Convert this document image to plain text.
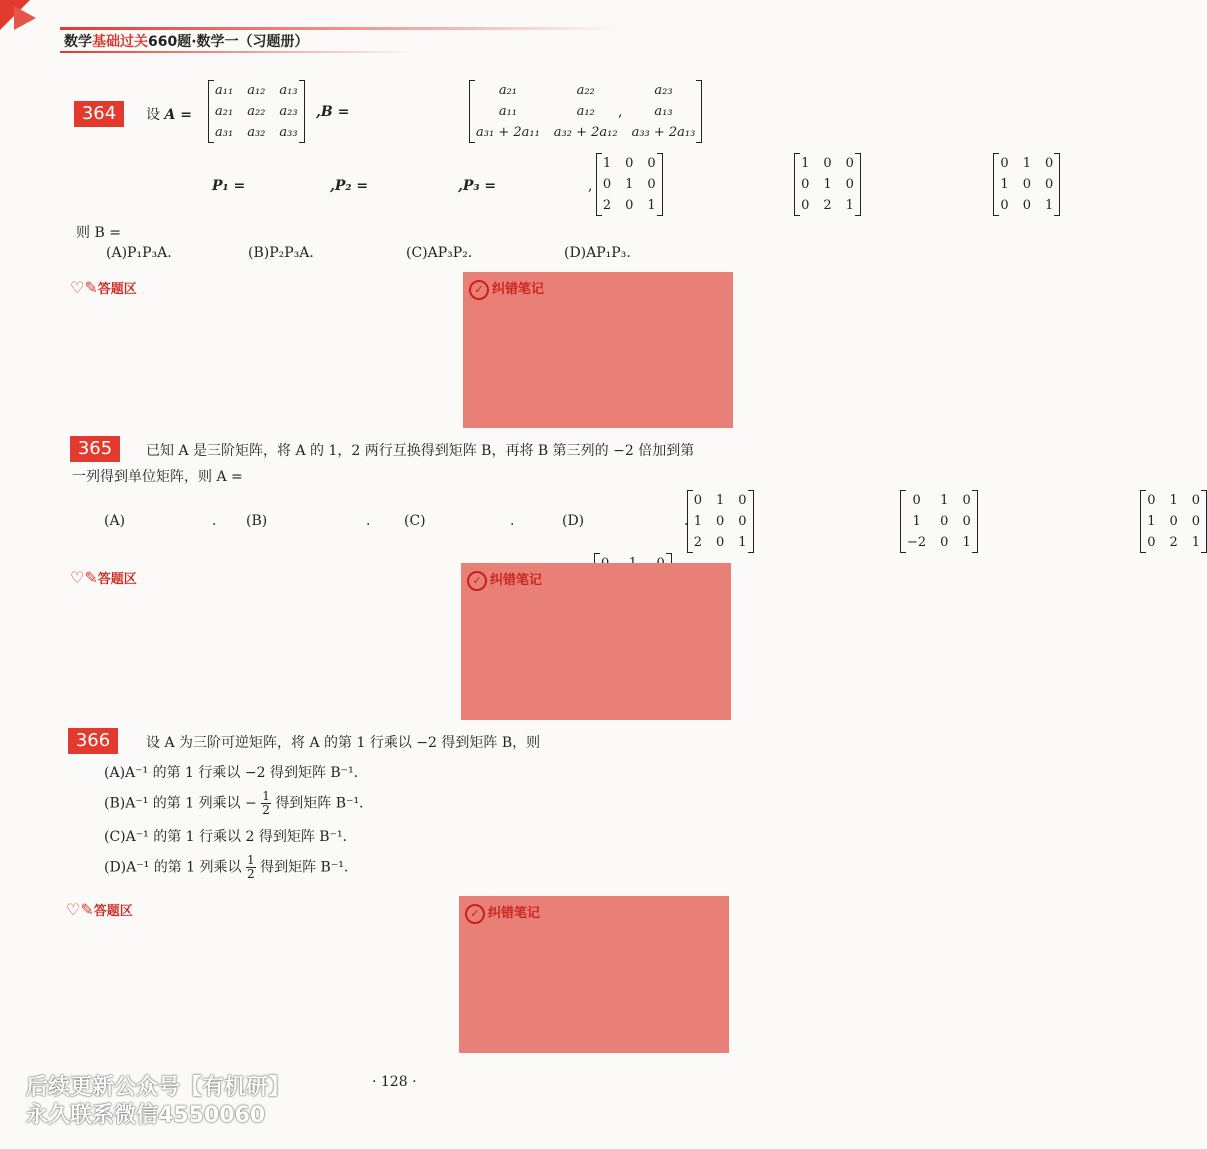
数学基础过关660题·数学一（习题册）
364	设 A =
a₁₁	a₁₂	a₁₃
a₂₁	a₂₂	a₂₃
a₃₁	a₃₂	a₃₃

,B =
a₂₁	a₂₂	a₂₃
a₁₁	a₁₂	a₁₃
a₃₁ + 2a₁₁	a₃₂ + 2a₁₂	a₃₃ + 2a₁₃

,
P₁ =
1	0	0
0	1	0
2	0	1

,P₂ =
1	0	0
0	1	0
0	2	1

,P₃ =
0	1	0
1	0	0
0	0	1

,
则 B =
(A)P₁P₃A.	(B)P₂P₃A.	(C)AP₃P₂.	(D)AP₁P₃.
♡✎答题区	✓ 纠错笔记
365	已知 A 是三阶矩阵，将 A 的 1，2 两行互换得到矩阵 B，再将 B 第三列的 −2 倍加到第
一列得到单位矩阵，则 A =
(A)
0	1	0
1	0	0
2	0	1

. (B)
0	1	0
1	0	0
−2	0	1

. (C)
0	1	0
1	0	0
0	2	1

.	(D)

			.
♡✎答题区	✓ 纠错笔记
366	设 A 为三阶可逆矩阵，将 A 的第 1 行乘以 −2 得到矩阵 B，则
(A)A⁻¹ 的第 1 行乘以 −2 得到矩阵 B⁻¹.
(B)A⁻¹ 的第 1 列乘以 − $\frac{1}{2}$ 得到矩阵 B⁻¹.
(C)A⁻¹ 的第 1 行乘以 2 得到矩阵 B⁻¹.
(D)A⁻¹ 的第 1 列乘以 $\frac{1}{2}$ 得到矩阵 B⁻¹.
♡✎答题区	✓ 纠错笔记
· 128 ·
后续更新公众号【有机研】
永久联系微信4550060
